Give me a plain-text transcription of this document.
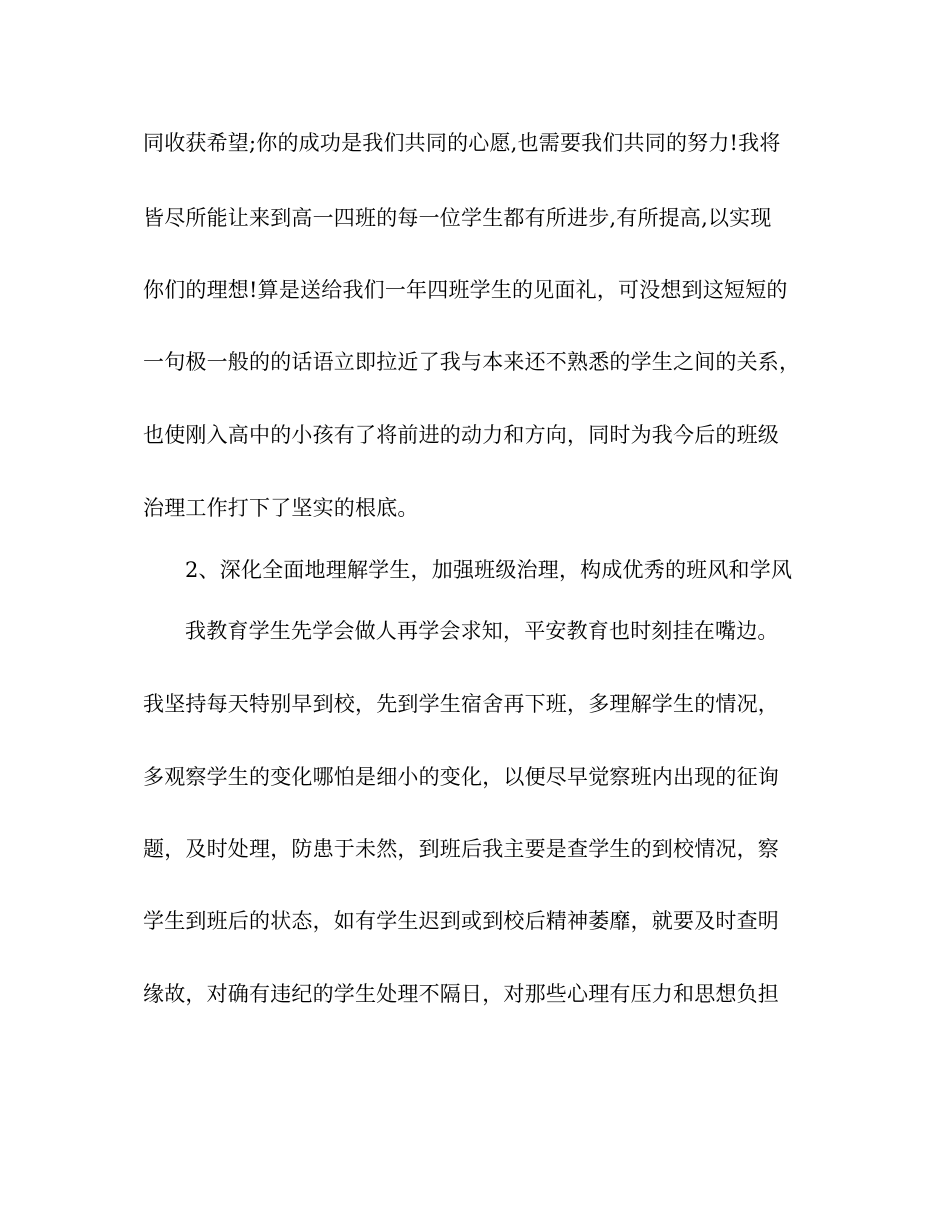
同收获希望;你的成功是我们共同的心愿,也需要我们共同的努力!我将
皆尽所能让来到高一四班的每一位学生都有所进步,有所提高,以实现
你们的理想!算是送给我们一年四班学生的见面礼，可没想到这短短的
一句极一般的的话语立即拉近了我与本来还不熟悉的学生之间的关系，
也使刚入高中的小孩有了将前进的动力和方向，同时为我今后的班级
治理工作打下了坚实的根底。
2、深化全面地理解学生，加强班级治理，构成优秀的班风和学风
我教育学生先学会做人再学会求知，平安教育也时刻挂在嘴边。
我坚持每天特别早到校，先到学生宿舍再下班，多理解学生的情况，
多观察学生的变化哪怕是细小的变化，以便尽早觉察班内出现的征询
题，及时处理，防患于未然，到班后我主要是查学生的到校情况，察
学生到班后的状态，如有学生迟到或到校后精神萎靡，就要及时查明
缘故，对确有违纪的学生处理不隔日，对那些心理有压力和思想负担
